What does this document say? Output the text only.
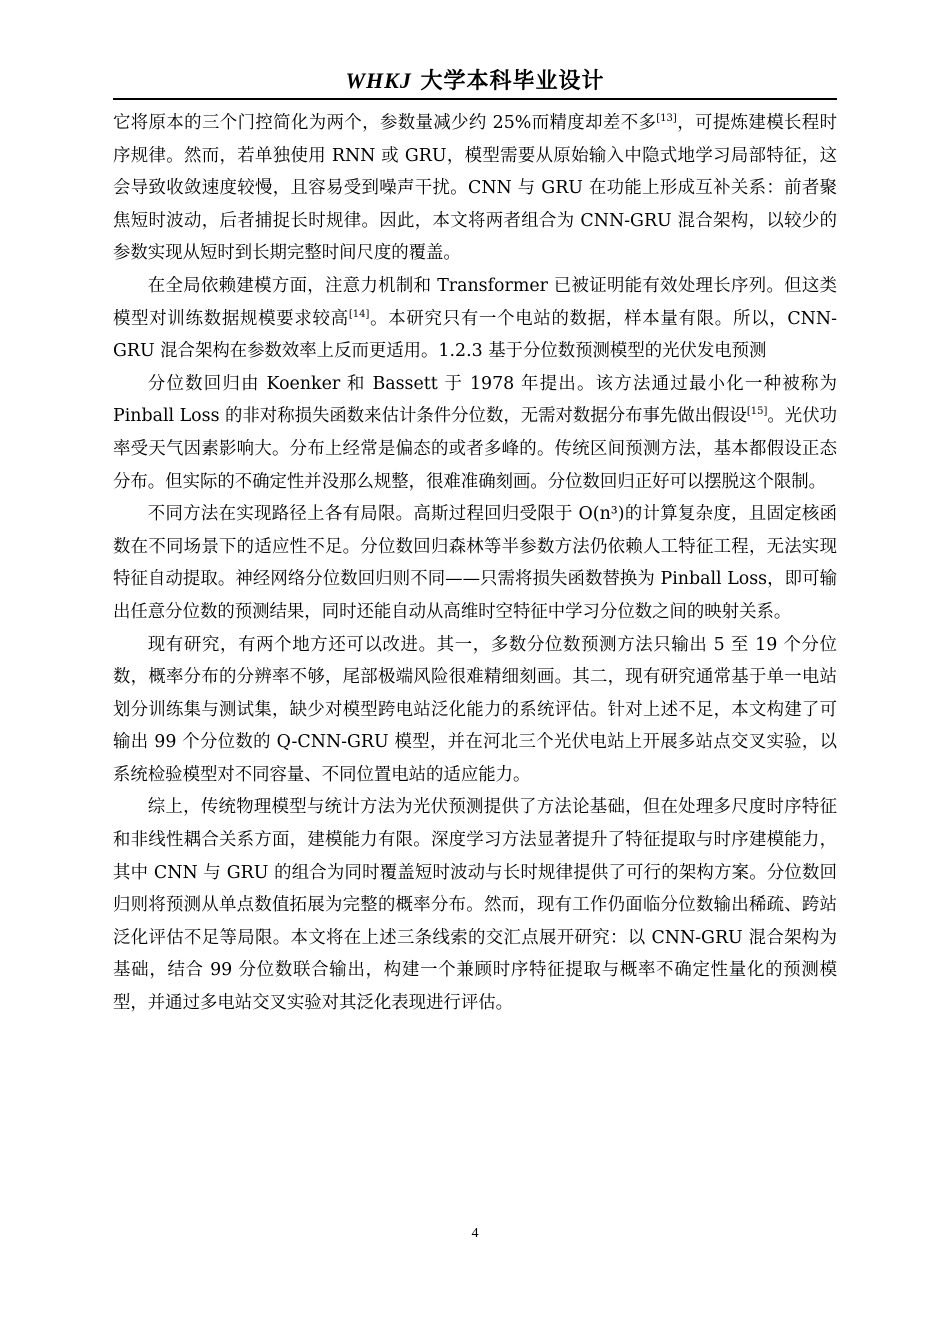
WHKJ 大学本科毕业设计

它将原本的三个门控简化为两个，参数量减少约 25%而精度却差不多[13]，可提炼建模长程时序规律。然而，若单独使用 RNN 或 GRU，模型需要从原始输入中隐式地学习局部特征，这会导致收敛速度较慢，且容易受到噪声干扰。CNN 与 GRU 在功能上形成互补关系：前者聚焦短时波动，后者捕捉长时规律。因此，本文将两者组合为 CNN-GRU 混合架构，以较少的参数实现从短时到长期完整时间尺度的覆盖。

在全局依赖建模方面，注意力机制和 Transformer 已被证明能有效处理长序列。但这类模型对训练数据规模要求较高[14]。本研究只有一个电站的数据，样本量有限。所以，CNN-GRU 混合架构在参数效率上反而更适用。1.2.3 基于分位数预测模型的光伏发电预测

分位数回归由 Koenker 和 Bassett 于 1978 年提出。该方法通过最小化一种被称为 Pinball Loss 的非对称损失函数来估计条件分位数，无需对数据分布事先做出假设[15]。光伏功率受天气因素影响大。分布上经常是偏态的或者多峰的。传统区间预测方法，基本都假设正态分布。但实际的不确定性并没那么规整，很难准确刻画。分位数回归正好可以摆脱这个限制。

不同方法在实现路径上各有局限。高斯过程回归受限于 O(n³)的计算复杂度，且固定核函数在不同场景下的适应性不足。分位数回归森林等半参数方法仍依赖人工特征工程，无法实现特征自动提取。神经网络分位数回归则不同——只需将损失函数替换为 Pinball Loss，即可输出任意分位数的预测结果，同时还能自动从高维时空特征中学习分位数之间的映射关系。

现有研究，有两个地方还可以改进。其一，多数分位数预测方法只输出 5 至 19 个分位数，概率分布的分辨率不够，尾部极端风险很难精细刻画。其二，现有研究通常基于单一电站划分训练集与测试集，缺少对模型跨电站泛化能力的系统评估。针对上述不足，本文构建了可输出 99 个分位数的 Q-CNN-GRU 模型，并在河北三个光伏电站上开展多站点交叉实验，以系统检验模型对不同容量、不同位置电站的适应能力。

综上，传统物理模型与统计方法为光伏预测提供了方法论基础，但在处理多尺度时序特征和非线性耦合关系方面，建模能力有限。深度学习方法显著提升了特征提取与时序建模能力，其中 CNN 与 GRU 的组合为同时覆盖短时波动与长时规律提供了可行的架构方案。分位数回归则将预测从单点数值拓展为完整的概率分布。然而，现有工作仍面临分位数输出稀疏、跨站泛化评估不足等局限。本文将在上述三条线索的交汇点展开研究：以 CNN-GRU 混合架构为基础，结合 99 分位数联合输出，构建一个兼顾时序特征提取与概率不确定性量化的预测模型，并通过多电站交叉实验对其泛化表现进行评估。

4
